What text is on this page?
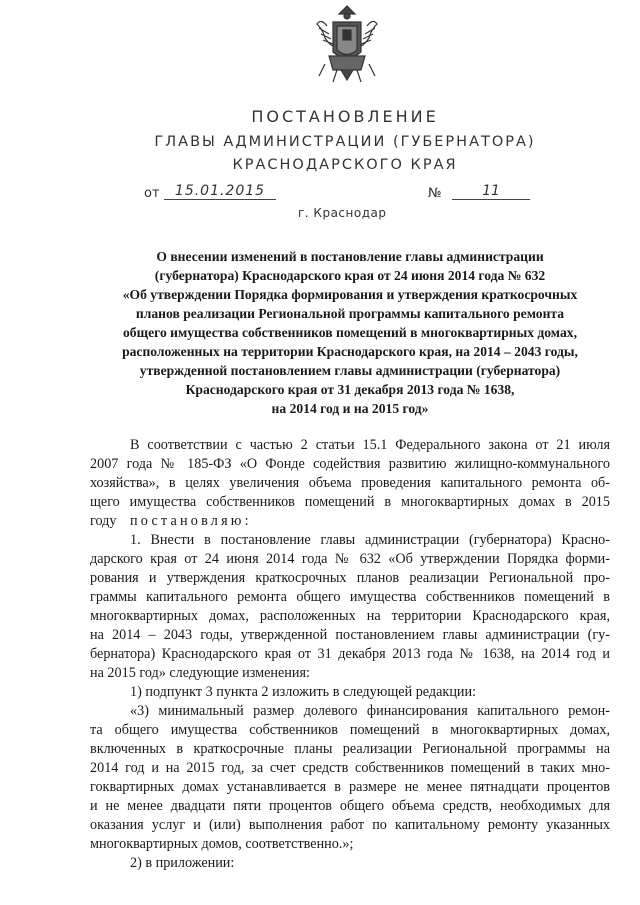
ПОСТАНОВЛЕНИЕ
ГЛАВЫ АДМИНИСТРАЦИИ (ГУБЕРНАТОРА)
КРАСНОДАРСКОГО КРАЯ
от	15.01.2015	№	11
г. Краснодар
О внесении изменений в постановление главы администрации
(губернатора) Краснодарского края от 24 июня 2014 года № 632
«Об утверждении Порядка формирования и утверждения краткосрочных
планов реализации Региональной программы капитального ремонта
общего имущества собственников помещений в многоквартирных домах,
расположенных на территории Краснодарского края, на 2014 – 2043 годы,
утвержденной постановлением главы администрации (губернатора)
Краснодарского края от 31 декабря 2013 года № 1638,
на 2014 год и на 2015 год»
В соответствии с частью 2 статьи 15.1 Федерального закона от 21 июля
2007 года № 185-ФЗ «О Фонде содействия развитию жилищно-коммунального
хозяйства», в целях увеличения объема проведения капитального ремонта об-
щего имущества собственников помещений в многоквартирных домах в 2015
году постановляю:
1. Внести в постановление главы администрации (губернатора) Красно-
дарского края от 24 июня 2014 года № 632 «Об утверждении Порядка форми-
рования и утверждения краткосрочных планов реализации Региональной про-
граммы капитального ремонта общего имущества собственников помещений в
многоквартирных домах, расположенных на территории Краснодарского края,
на 2014 – 2043 годы, утвержденной постановлением главы администрации (гу-
бернатора) Краснодарского края от 31 декабря 2013 года № 1638, на 2014 год и
на 2015 год» следующие изменения:
1) подпункт 3 пункта 2 изложить в следующей редакции:
«3) минимальный размер долевого финансирования капитального ремон-
та общего имущества собственников помещений в многоквартирных домах,
включенных в краткосрочные планы реализации Региональной программы на
2014 год и на 2015 год, за счет средств собственников помещений в таких мно-
гоквартирных домах устанавливается в размере не менее пятнадцати процентов
и не менее двадцати пяти процентов общего объема средств, необходимых для
оказания услуг и (или) выполнения работ по капитальному ремонту указанных
многоквартирных домов, соответственно.»;
2) в приложении:
